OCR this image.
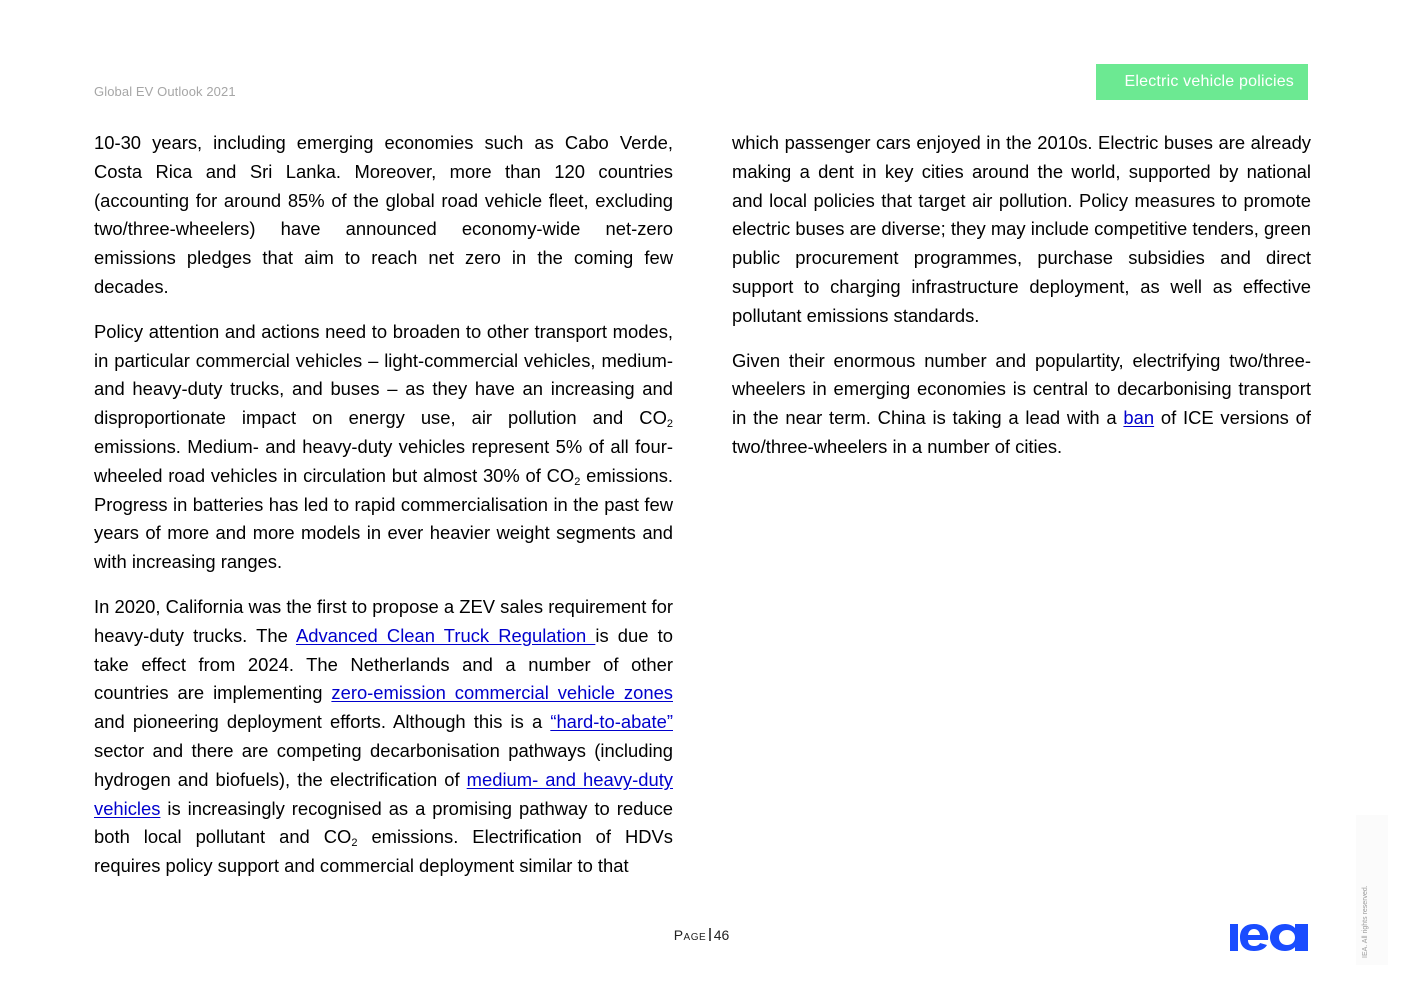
Global EV Outlook 2021
Electric vehicle policies

10‑30 years, including emerging economies such as Cabo Verde, Costa Rica and Sri Lanka. Moreover, more than 120 countries (accounting for around 85% of the global road vehicle fleet, excluding two/three-wheelers) have announced economy-wide net-zero emissions pledges that aim to reach net zero in the coming few decades.

Policy attention and actions need to broaden to other transport modes, in particular commercial vehicles – light-commercial vehicles, medium- and heavy-duty trucks, and buses – as they have an increasing and disproportionate impact on energy use, air pollution and $CO_2$ emissions. Medium- and heavy-duty vehicles represent 5% of all four-wheeled road vehicles in circulation but almost 30% of $CO_2$ emissions. Progress in batteries has led to rapid commercialisation in the past few years of more and more models in ever heavier weight segments and with increasing ranges.

In 2020, California was the first to propose a ZEV sales requirement for heavy-duty trucks. The Advanced Clean Truck Regulation is due to take effect from 2024. The Netherlands and a number of other countries are implementing zero-emission commercial vehicle zones and pioneering deployment efforts. Although this is a “hard-to-abate” sector and there are competing decarbonisation pathways (including hydrogen and biofuels), the electrification of medium- and heavy-duty vehicles is increasingly recognised as a promising pathway to reduce both local pollutant and $CO_2$ emissions. Electrification of HDVs requires policy support and commercial deployment similar to that

which passenger cars enjoyed in the 2010s. Electric buses are already making a dent in key cities around the world, supported by national and local policies that target air pollution. Policy measures to promote electric buses are diverse; they may include competitive tenders, green public procurement programmes, purchase subsidies and direct support to charging infrastructure deployment, as well as effective pollutant emissions standards.

Given their enormous number and populartity, electrifying two/three-wheelers in emerging economies is central to decarbonising transport in the near term. China is taking a lead with a ban of ICE versions of two/three-wheelers in a number of cities.

Page 46	IEA. All rights reserved.
